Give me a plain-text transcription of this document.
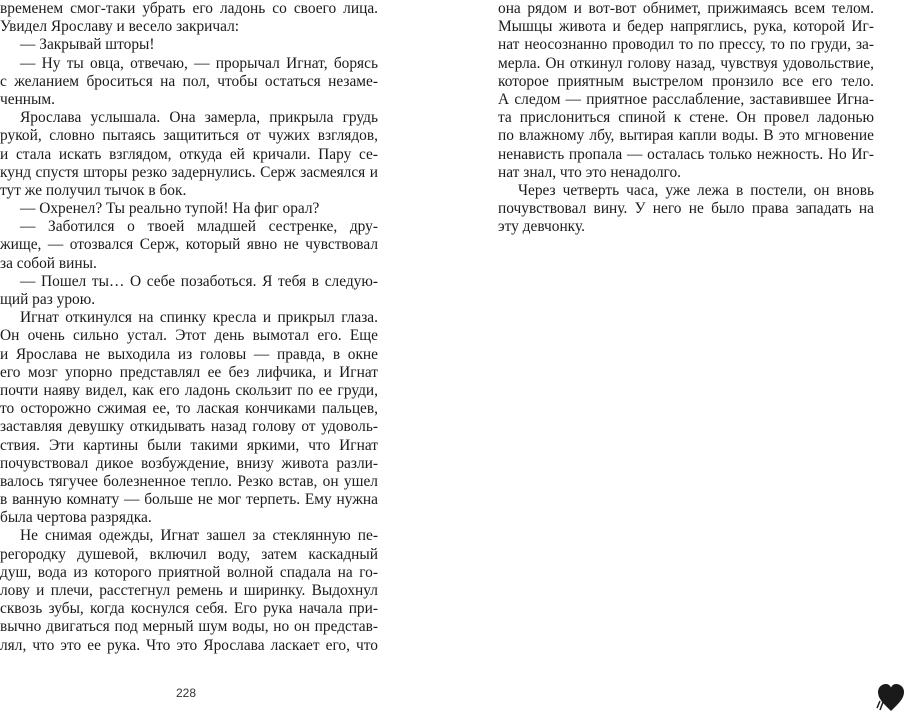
временем смог-таки убрать его ладонь со своего лица.
Увидел Ярославу и весело закричал:
— Закрывай шторы!
— Ну ты овца, отвечаю, — прорычал Игнат, борясь
с желанием броситься на пол, чтобы остаться незаме-
ченным.
Ярослава услышала. Она замерла, прикрыла грудь
рукой, словно пытаясь защититься от чужих взглядов,
и стала искать взглядом, откуда ей кричали. Пару се-
кунд спустя шторы резко задернулись. Серж засмеялся и
тут же получил тычок в бок.
— Охренел? Ты реально тупой! На фиг орал?
— Заботился о твоей младшей сестренке, дру-
жище, — отозвался Серж, который явно не чувствовал
за собой вины.
— Пошел ты… О себе позаботься. Я тебя в следую-
щий раз урою.
Игнат откинулся на спинку кресла и прикрыл глаза.
Он очень сильно устал. Этот день вымотал его. Еще
и Ярослава не выходила из головы — правда, в окне
его мозг упорно представлял ее без лифчика, и Игнат
почти наяву видел, как его ладонь скользит по ее груди,
то осторожно сжимая ее, то лаская кончиками пальцев,
заставляя девушку откидывать назад голову от удоволь-
ствия. Эти картины были такими яркими, что Игнат
почувствовал дикое возбуждение, внизу живота разли-
валось тягучее болезненное тепло. Резко встав, он ушел
в ванную комнату — больше не мог терпеть. Ему нужна
была чертова разрядка.
Не снимая одежды, Игнат зашел за стеклянную пе-
регородку душевой, включил воду, затем каскадный
душ, вода из которого приятной волной спадала на го-
лову и плечи, расстегнул ремень и ширинку. Выдохнул
сквозь зубы, когда коснулся себя. Его рука начала при-
вычно двигаться под мерный шум воды, но он представ-
лял, что это ее рука. Что это Ярослава ласкает его, что
она рядом и вот-вот обнимет, прижимаясь всем телом.
Мышцы живота и бедер напряглись, рука, которой Иг-
нат неосознанно проводил то по прессу, то по груди, за-
мерла. Он откинул голову назад, чувствуя удовольствие,
которое приятным выстрелом пронзило все его тело.
А следом — приятное расслабление, заставившее Игна-
та прислониться спиной к стене. Он провел ладонью
по влажному лбу, вытирая капли воды. В это мгновение
ненависть пропала — осталась только нежность. Но Иг-
нат знал, что это ненадолго.
Через четверть часа, уже лежа в постели, он вновь
почувствовал вину. У него не было права западать на
эту девчонку.
228
